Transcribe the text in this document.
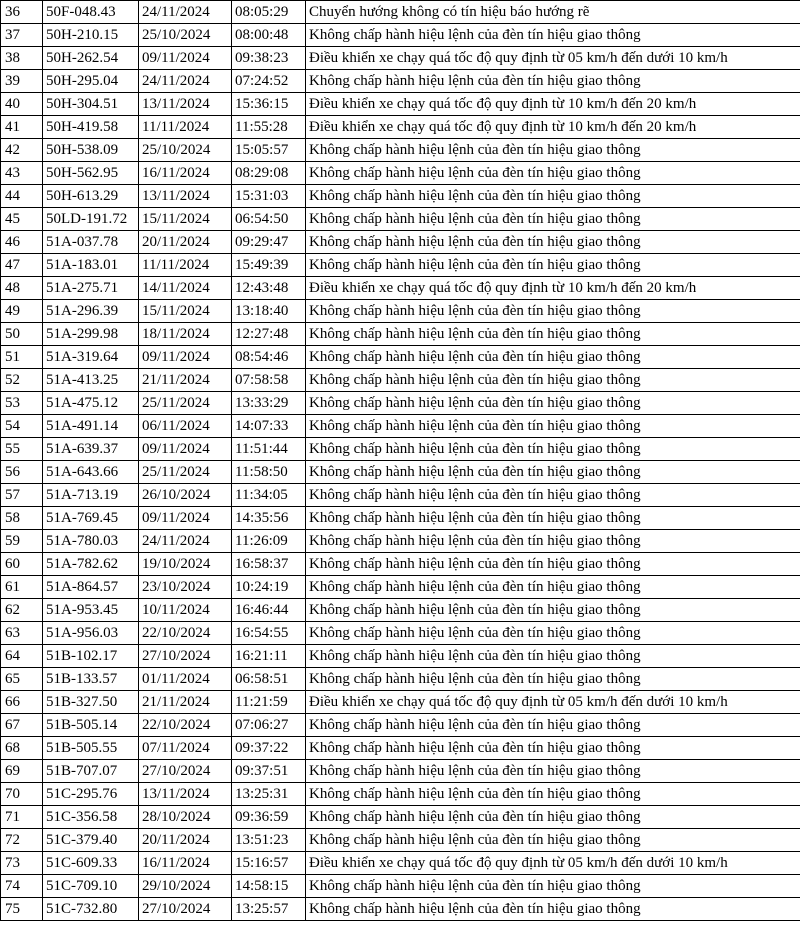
36	50F-048.43	24/11/2024	08:05:29	Chuyển hướng không có tín hiệu báo hướng rẽ
37	50H-210.15	25/10/2024	08:00:48	Không chấp hành hiệu lệnh của đèn tín hiệu giao thông
38	50H-262.54	09/11/2024	09:38:23	Điều khiển xe chạy quá tốc độ quy định từ 05 km/h đến dưới 10 km/h
39	50H-295.04	24/11/2024	07:24:52	Không chấp hành hiệu lệnh của đèn tín hiệu giao thông
40	50H-304.51	13/11/2024	15:36:15	Điều khiển xe chạy quá tốc độ quy định từ 10 km/h đến 20 km/h
41	50H-419.58	11/11/2024	11:55:28	Điều khiển xe chạy quá tốc độ quy định từ 10 km/h đến 20 km/h
42	50H-538.09	25/10/2024	15:05:57	Không chấp hành hiệu lệnh của đèn tín hiệu giao thông
43	50H-562.95	16/11/2024	08:29:08	Không chấp hành hiệu lệnh của đèn tín hiệu giao thông
44	50H-613.29	13/11/2024	15:31:03	Không chấp hành hiệu lệnh của đèn tín hiệu giao thông
45	50LD-191.72	15/11/2024	06:54:50	Không chấp hành hiệu lệnh của đèn tín hiệu giao thông
46	51A-037.78	20/11/2024	09:29:47	Không chấp hành hiệu lệnh của đèn tín hiệu giao thông
47	51A-183.01	11/11/2024	15:49:39	Không chấp hành hiệu lệnh của đèn tín hiệu giao thông
48	51A-275.71	14/11/2024	12:43:48	Điều khiển xe chạy quá tốc độ quy định từ 10 km/h đến 20 km/h
49	51A-296.39	15/11/2024	13:18:40	Không chấp hành hiệu lệnh của đèn tín hiệu giao thông
50	51A-299.98	18/11/2024	12:27:48	Không chấp hành hiệu lệnh của đèn tín hiệu giao thông
51	51A-319.64	09/11/2024	08:54:46	Không chấp hành hiệu lệnh của đèn tín hiệu giao thông
52	51A-413.25	21/11/2024	07:58:58	Không chấp hành hiệu lệnh của đèn tín hiệu giao thông
53	51A-475.12	25/11/2024	13:33:29	Không chấp hành hiệu lệnh của đèn tín hiệu giao thông
54	51A-491.14	06/11/2024	14:07:33	Không chấp hành hiệu lệnh của đèn tín hiệu giao thông
55	51A-639.37	09/11/2024	11:51:44	Không chấp hành hiệu lệnh của đèn tín hiệu giao thông
56	51A-643.66	25/11/2024	11:58:50	Không chấp hành hiệu lệnh của đèn tín hiệu giao thông
57	51A-713.19	26/10/2024	11:34:05	Không chấp hành hiệu lệnh của đèn tín hiệu giao thông
58	51A-769.45	09/11/2024	14:35:56	Không chấp hành hiệu lệnh của đèn tín hiệu giao thông
59	51A-780.03	24/11/2024	11:26:09	Không chấp hành hiệu lệnh của đèn tín hiệu giao thông
60	51A-782.62	19/10/2024	16:58:37	Không chấp hành hiệu lệnh của đèn tín hiệu giao thông
61	51A-864.57	23/10/2024	10:24:19	Không chấp hành hiệu lệnh của đèn tín hiệu giao thông
62	51A-953.45	10/11/2024	16:46:44	Không chấp hành hiệu lệnh của đèn tín hiệu giao thông
63	51A-956.03	22/10/2024	16:54:55	Không chấp hành hiệu lệnh của đèn tín hiệu giao thông
64	51B-102.17	27/10/2024	16:21:11	Không chấp hành hiệu lệnh của đèn tín hiệu giao thông
65	51B-133.57	01/11/2024	06:58:51	Không chấp hành hiệu lệnh của đèn tín hiệu giao thông
66	51B-327.50	21/11/2024	11:21:59	Điều khiển xe chạy quá tốc độ quy định từ 05 km/h đến dưới 10 km/h
67	51B-505.14	22/10/2024	07:06:27	Không chấp hành hiệu lệnh của đèn tín hiệu giao thông
68	51B-505.55	07/11/2024	09:37:22	Không chấp hành hiệu lệnh của đèn tín hiệu giao thông
69	51B-707.07	27/10/2024	09:37:51	Không chấp hành hiệu lệnh của đèn tín hiệu giao thông
70	51C-295.76	13/11/2024	13:25:31	Không chấp hành hiệu lệnh của đèn tín hiệu giao thông
71	51C-356.58	28/10/2024	09:36:59	Không chấp hành hiệu lệnh của đèn tín hiệu giao thông
72	51C-379.40	20/11/2024	13:51:23	Không chấp hành hiệu lệnh của đèn tín hiệu giao thông
73	51C-609.33	16/11/2024	15:16:57	Điều khiển xe chạy quá tốc độ quy định từ 05 km/h đến dưới 10 km/h
74	51C-709.10	29/10/2024	14:58:15	Không chấp hành hiệu lệnh của đèn tín hiệu giao thông
75	51C-732.80	27/10/2024	13:25:57	Không chấp hành hiệu lệnh của đèn tín hiệu giao thông
